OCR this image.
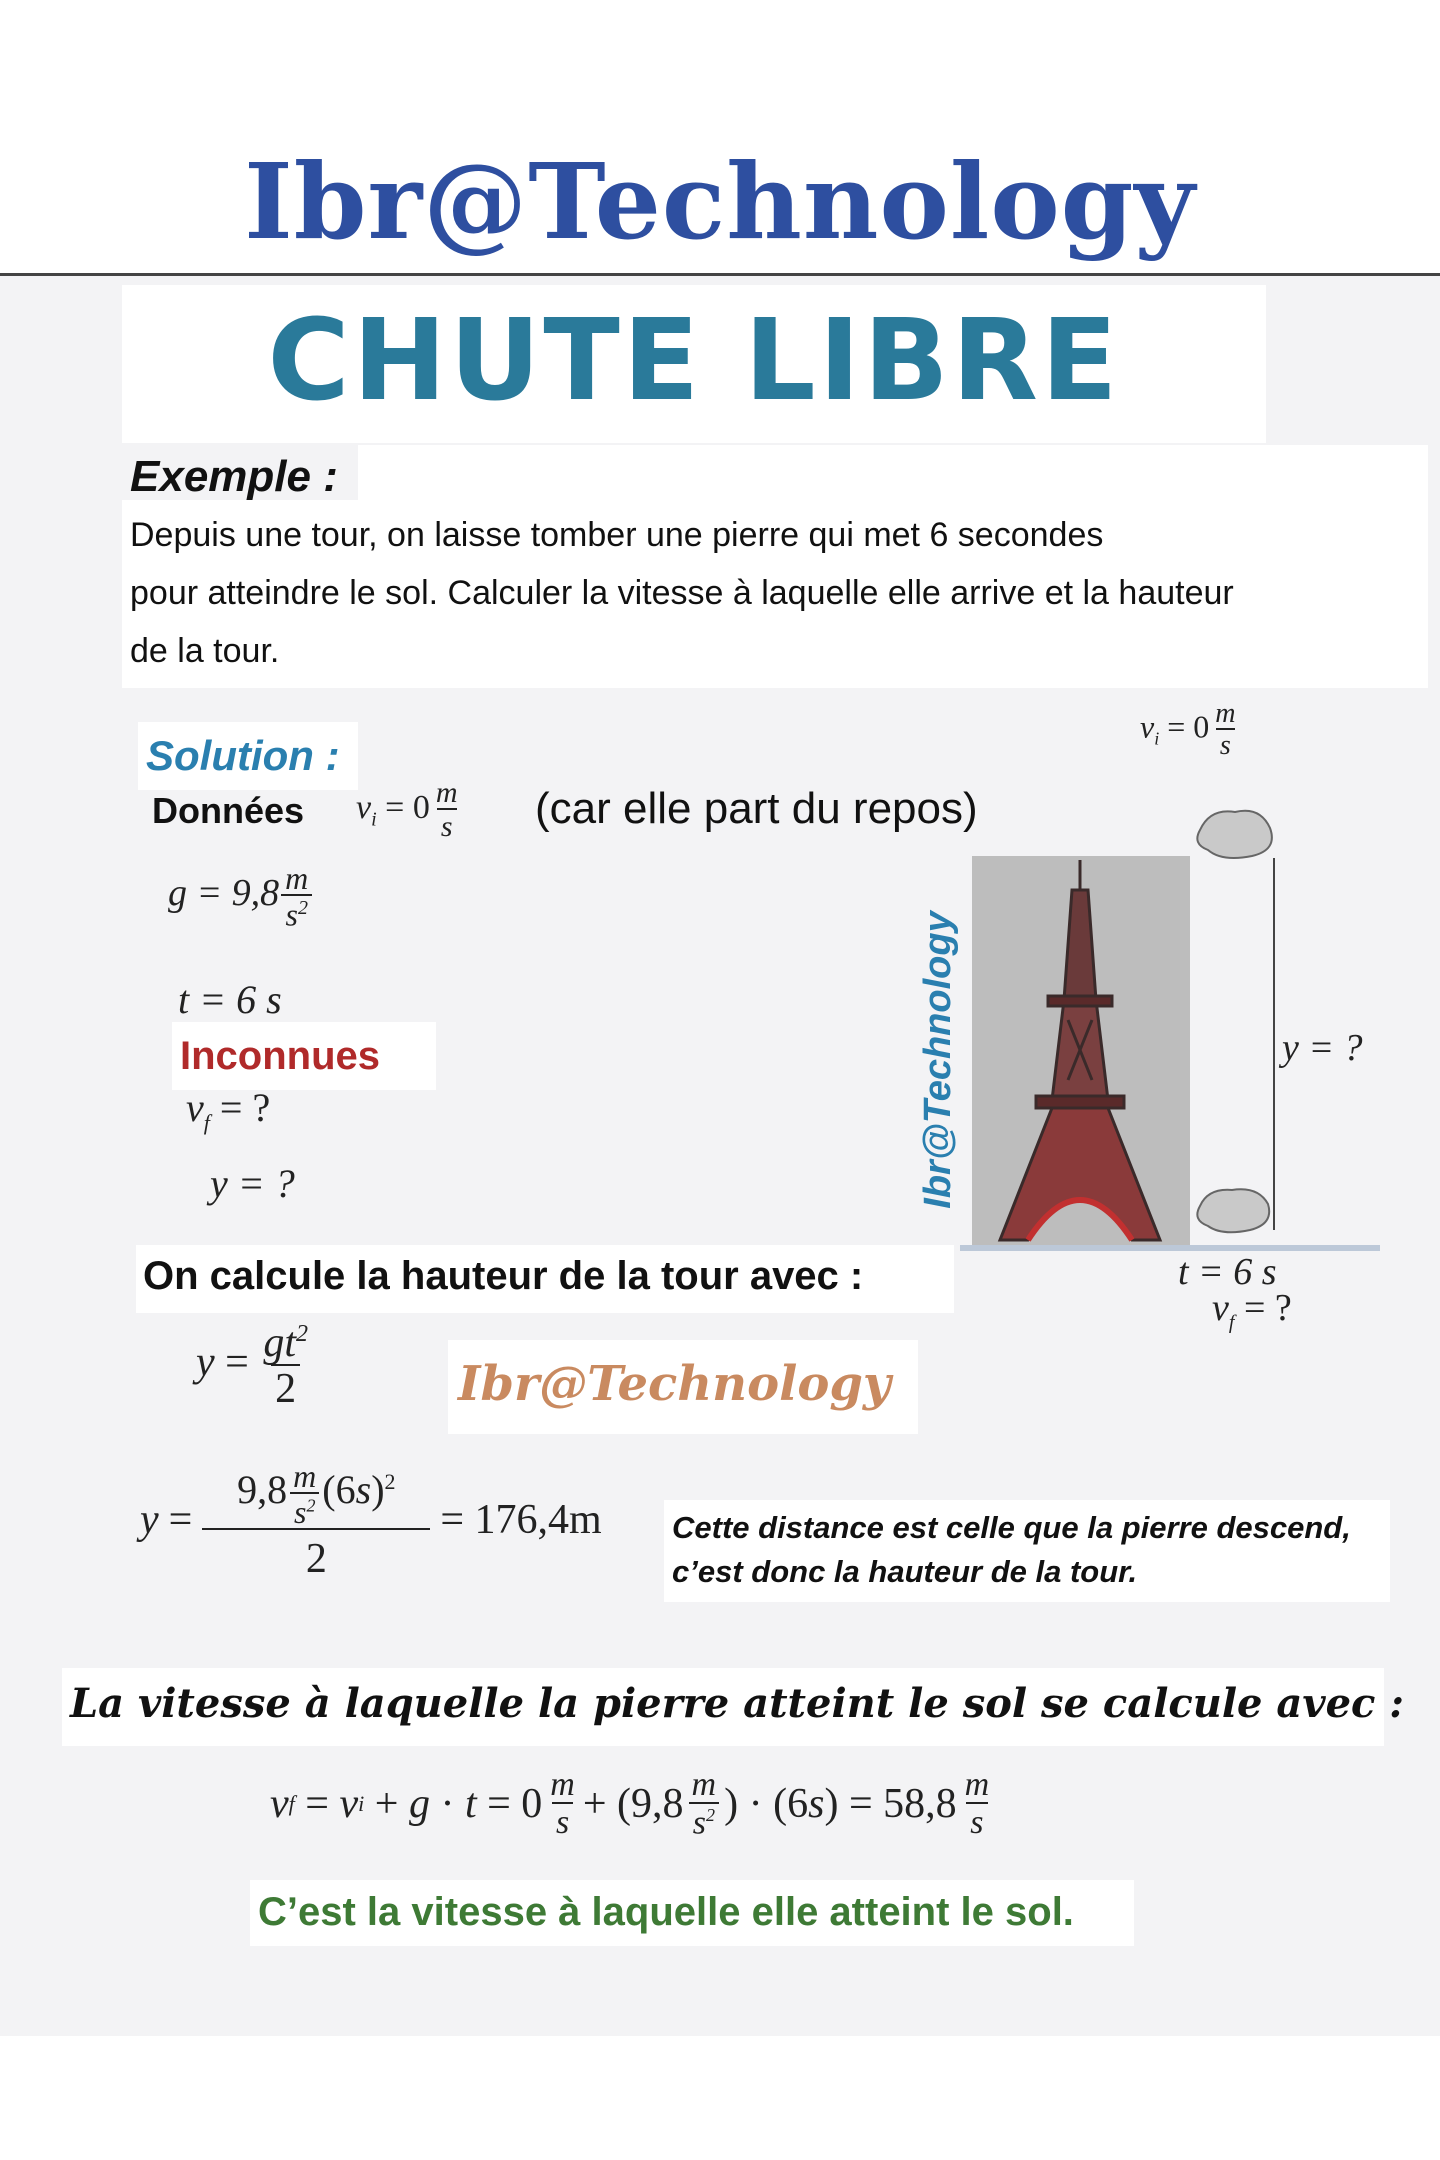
Ibr@Technology
CHUTE LIBRE
Exemple :
Depuis une tour, on laisse tomber une pierre qui met 6 secondes
pour atteindre le sol. Calculer la vitesse à laquelle elle arrive et la hauteur
de la tour.
Solution :
Données $v_i = 0 \frac{m}{s} (car$ elle part du repos)
$g = 9,8 \frac{m}{s^2}$
t = 6 s
Inconnues
$v_f$ = ?
y = ?	Ibr@Technology
$v_i = 0 \frac{m}{s}$
y = ?
t = 6 s
$v_f$ = ?
On calcule la hauteur de la tour avec :
$y = \frac{gt^2}{2}$	Ibr@Technology
$y = \frac{9,8 \frac{m}{s^2} (6s)^2}{2} = 176,4m$ Cette distance est celle que la pierre descend,
c’est donc la hauteur de la tour.
La vitesse à laquelle la pierre atteint le sol se calcule avec :
v f = v $i + g \cdot t = 0 \frac{m}{s} + (9,8 \frac{m}{s^2}$ ) · (6 s ) = $58,8 \frac{m}{s}$
C’est la vitesse à laquelle elle atteint le sol.
